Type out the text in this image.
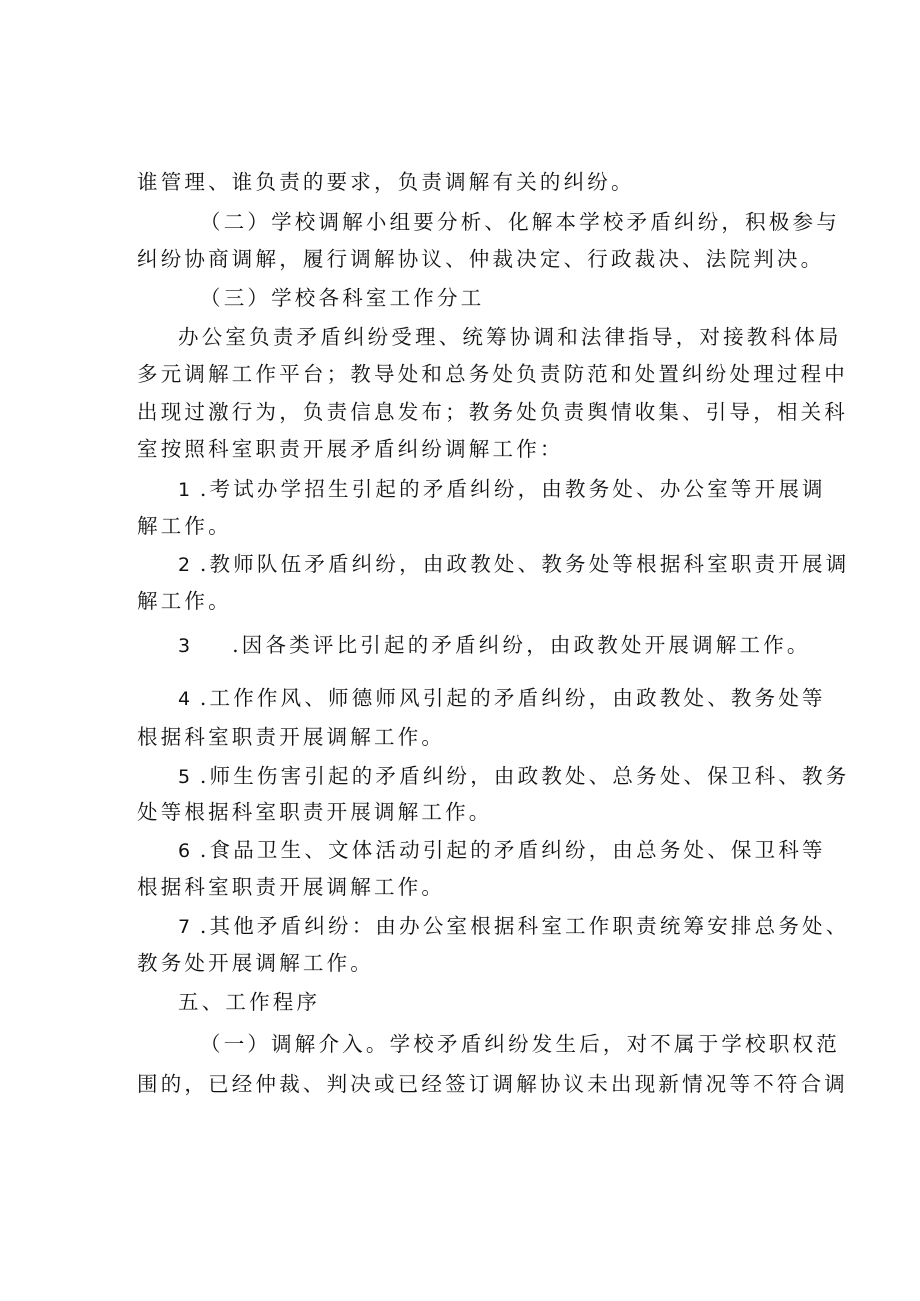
谁管理、谁负责的要求，负责调解有关的纠纷。
（二）学校调解小组要分析、化解本学校矛盾纠纷，积极参与
纠纷协商调解，履行调解协议、仲裁决定、行政裁决、法院判决。
（三）学校各科室工作分工
办公室负责矛盾纠纷受理、统筹协调和法律指导，对接教科体局
多元调解工作平台；教导处和总务处负责防范和处置纠纷处理过程中
出现过激行为，负责信息发布；教务处负责舆情收集、引导，相关科
室按照科室职责开展矛盾纠纷调解工作：
1 .考试办学招生引起的矛盾纠纷，由教务处、办公室等开展调
解工作。
2 .教师队伍矛盾纠纷，由政教处、教务处等根据科室职责开展调
解工作。
3 .因各类评比引起的矛盾纠纷，由政教处开展调解工作。
4 .工作作风、师德师风引起的矛盾纠纷，由政教处、教务处等
根据科室职责开展调解工作。
5 .师生伤害引起的矛盾纠纷，由政教处、总务处、保卫科、教务
处等根据科室职责开展调解工作。
6 .食品卫生、文体活动引起的矛盾纠纷，由总务处、保卫科等
根据科室职责开展调解工作。
7 .其他矛盾纠纷：由办公室根据科室工作职责统筹安排总务处、
教务处开展调解工作。
五、工作程序
（一）调解介入。学校矛盾纠纷发生后，对不属于学校职权范
围的，已经仲裁、判决或已经签订调解协议未出现新情况等不符合调
